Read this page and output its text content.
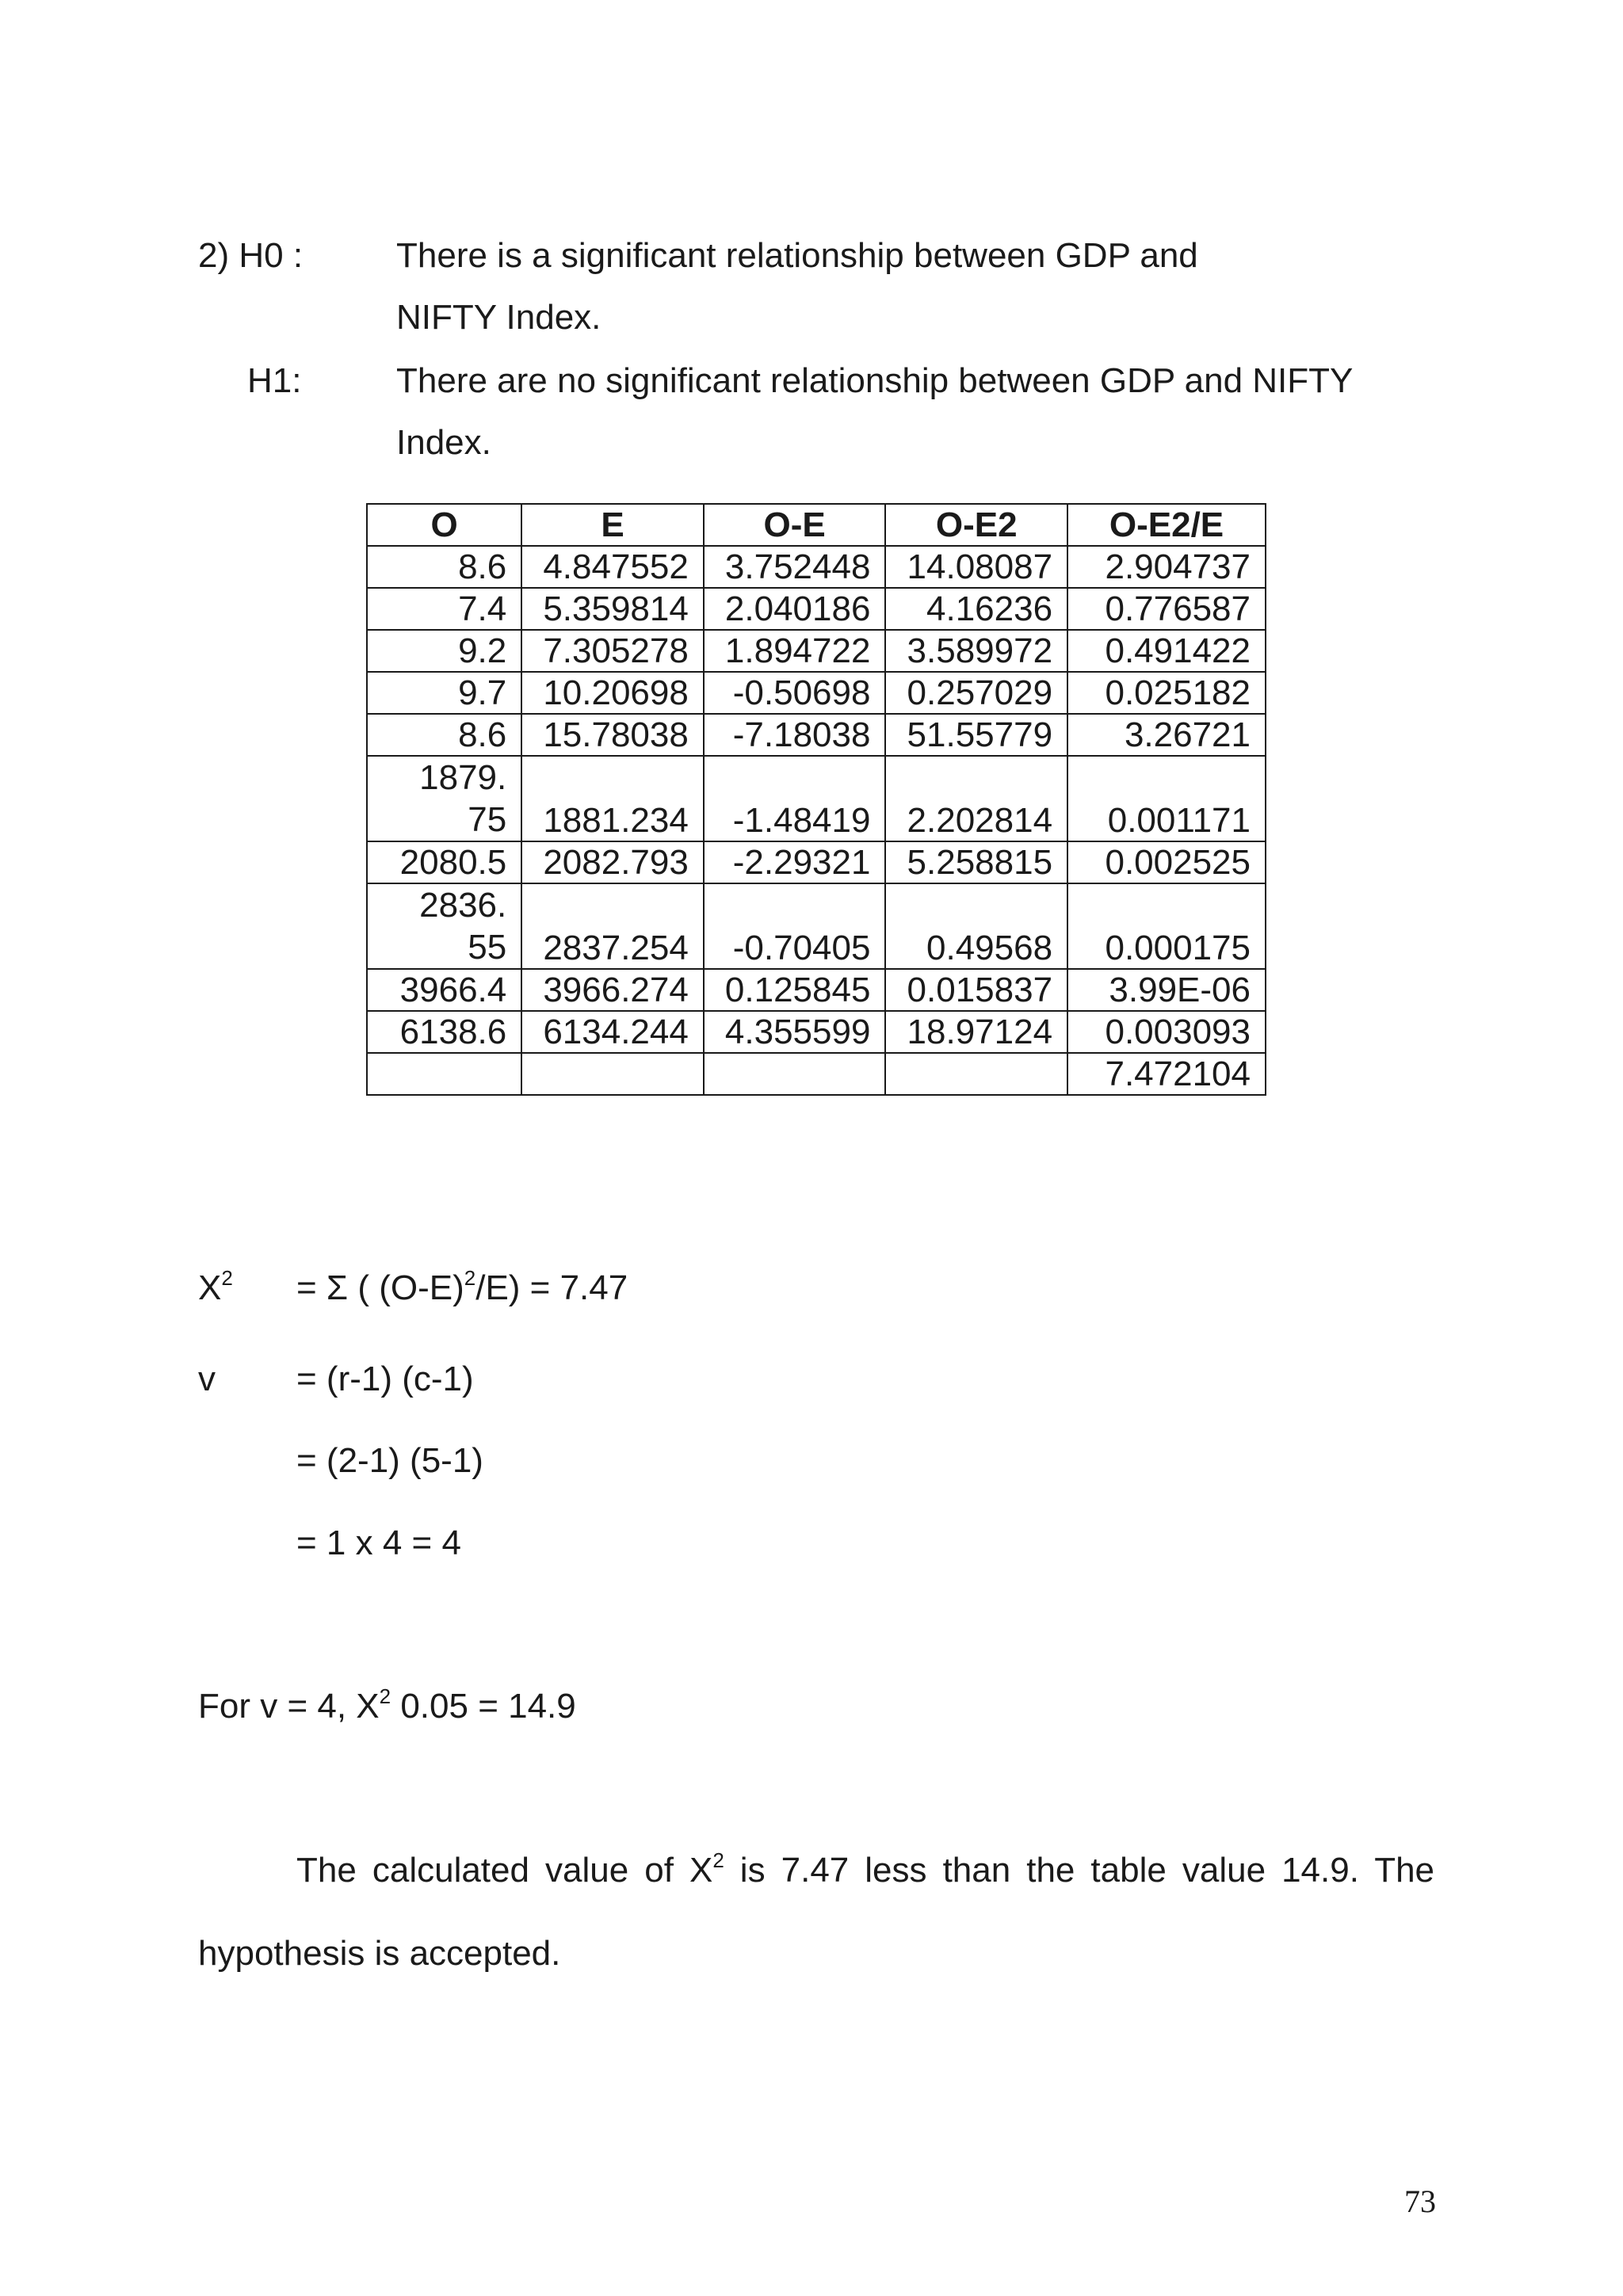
2) H0 :	There is a significant relationship between GDP and
NIFTY Index.
H1:	There are no significant relationship between GDP and NIFTY
Index.
O	E	O-E	O-E2	O-E2/E
8.6	4.847552	3.752448	14.08087	2.904737
7.4	5.359814	2.040186	4.16236	0.776587
9.2	7.305278	1.894722	3.589972	0.491422
9.7	10.20698	-0.50698	0.257029	0.025182
8.6	15.78038	-7.18038	51.55779	3.26721
1879.75	1881.234	-1.48419	2.202814	0.001171
2080.5	2082.793	-2.29321	5.258815	0.002525
2836.55	2837.254	-0.70405	0.49568	0.000175
3966.4	3966.274	0.125845	0.015837	3.99E-06
6138.6	6134.244	4.355599	18.97124	0.003093
				7.472104
$X^2 = \Sigma$ ( $(O-E)^2/E) = 7.47$
v = (r-1) (c-1)
= (2-1) (5-1)
= 1 x 4 = 4
For v = 4, $X^2$ 0.05 = 14.9
The calculated value of $X^2$ is 7.47 less than the table value 14.9. The
hypothesis is accepted.
73
